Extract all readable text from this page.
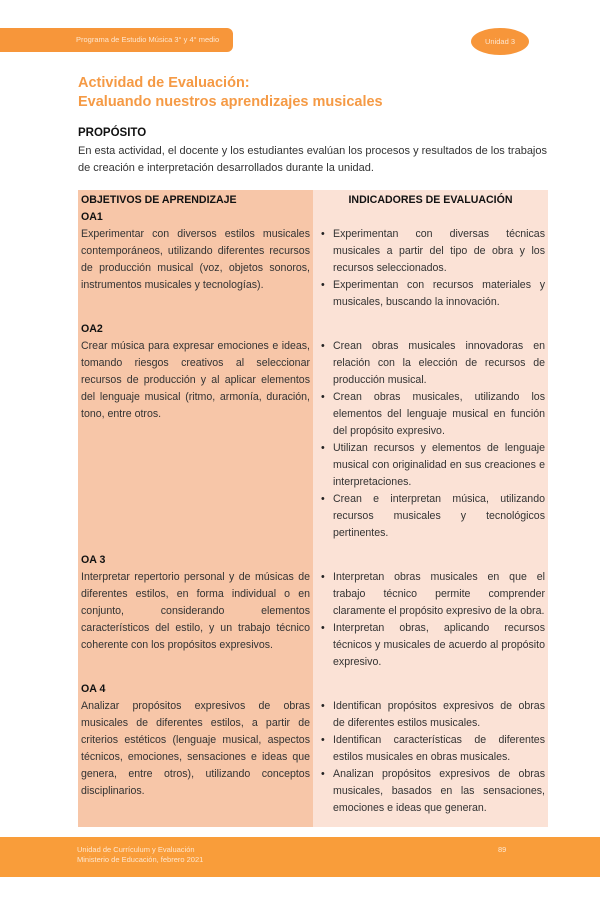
Programa de Estudio Música 3° y 4° medio	Unidad 3
Actividad de Evaluación:
Evaluando nuestros aprendizajes musicales
PROPÓSITO
En esta actividad, el docente y los estudiantes evalúan los procesos y resultados de los trabajos de creación e interpretación desarrollados durante la unidad.
OBJETIVOS DE APRENDIZAJE	INDICADORES DE EVALUACIÓN
OA1
Experimentar con diversos estilos musicales contemporáneos, utilizando diferentes recursos de producción musical (voz, objetos sonoros, instrumentos musicales y tecnologías).
• Experimentan con diversas técnicas musicales a partir del tipo de obra y los recursos seleccionados.
• Experimentan con recursos materiales y musicales, buscando la innovación.
OA2
Crear música para expresar emociones e ideas, tomando riesgos creativos al seleccionar recursos de producción y al aplicar elementos del lenguaje musical (ritmo, armonía, duración, tono, entre otros.
• Crean obras musicales innovadoras en relación con la elección de recursos de producción musical.
• Crean obras musicales, utilizando los elementos del lenguaje musical en función del propósito expresivo.
• Utilizan recursos y elementos de lenguaje musical con originalidad en sus creaciones e interpretaciones.
• Crean e interpretan música, utilizando recursos musicales y tecnológicos pertinentes.
OA 3
Interpretar repertorio personal y de músicas de diferentes estilos, en forma individual o en conjunto, considerando elementos característicos del estilo, y un trabajo técnico coherente con los propósitos expresivos.
• Interpretan obras musicales en que el trabajo técnico permite comprender claramente el propósito expresivo de la obra.
• Interpretan obras, aplicando recursos técnicos y musicales de acuerdo al propósito expresivo.
OA 4
Analizar propósitos expresivos de obras musicales de diferentes estilos, a partir de criterios estéticos (lenguaje musical, aspectos técnicos, emociones, sensaciones e ideas que genera, entre otros), utilizando conceptos disciplinarios.
• Identifican propósitos expresivos de obras de diferentes estilos musicales.
• Identifican características de diferentes estilos musicales en obras musicales.
• Analizan propósitos expresivos de obras musicales, basados en las sensaciones, emociones e ideas que generan.
Unidad de Currículum y Evaluación
Ministerio de Educación, febrero 2021
89
